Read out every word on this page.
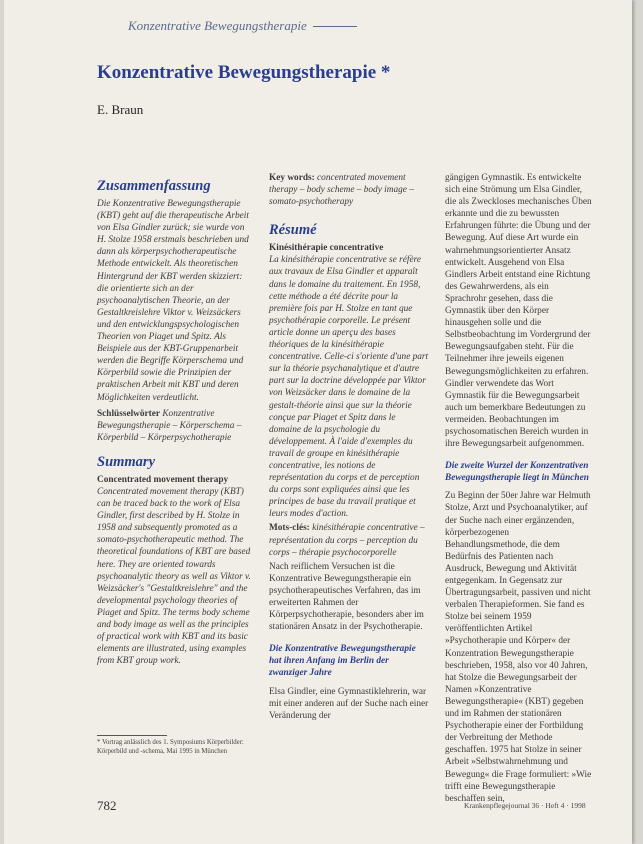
Konzentrative Bewegungstherapie
Konzentrative Bewegungstherapie *
E. Braun
Zusammenfassung

Die Konzentrative Bewegungstherapie (KBT) geht auf die therapeutische Arbeit von Elsa Gindler zurück; sie wurde von H. Stolze 1958 erstmals beschrieben und dann als körperpsychotherapeutische Methode entwickelt. Als theoretischen Hintergrund der KBT werden skizziert: die orientierte sich an der psychoanalytischen Theorie, an der Gestaltkreislehre Viktor v. Weizsäckers und den entwicklungspsychologischen Theorien von Piaget und Spitz. Als Beispiele aus der KBT-Gruppenarbeit werden die Begriffe Körperschema und Körperbild sowie die Prinzipien der praktischen Arbeit mit KBT und deren Möglichkeiten verdeutlicht.

Schlüsselwörter Konzentrative Bewegungstherapie – Körperschema – Körperbild – Körperpsychotherapie

Summary

Concentrated movement therapy

Concentrated movement therapy (KBT) can be traced back to the work of Elsa Gindler, first described by H. Stolze in 1958 and subsequently promoted as a somato-psychotherapeutic method. The theoretical foundations of KBT are based here. They are oriented towards psychoanalytic theory as well as Viktor v. Weizsäcker's "Gestaltkreislehre" and the developmental psychology theories of Piaget and Spitz. The terms body scheme and body image as well as the principles of practical work with KBT and its basic elements are illustrated, using examples from KBT group work.

* Vortrag anlässlich des 1. Symposiums Körperbilder: Körperbild und -schema, Mai 1995 in München

Key words: concentrated movement therapy – body scheme – body image – somato-psychotherapy

Résumé

Kinésithérapie concentrative

La kinésithérapie concentrative se réfère aux travaux de Elsa Gindler et apparaît dans le domaine du traitement. En 1958, cette méthode a été décrite pour la première fois par H. Stolze en tant que psychothérapie corporelle. Le présent article donne un aperçu des bases théoriques de la kinésithérapie concentrative. Celle-ci s'oriente d'une part sur la théorie psychanalytique et d'autre part sur la doctrine développée par Viktor von Weizsäcker dans le domaine de la gestalt-théorie ainsi que sur la théorie conçue par Piaget et Spitz dans le domaine de la psychologie du développement. À l'aide d'exemples du travail de groupe en kinésithérapie concentrative, les notions de représentation du corps et de perception du corps sont expliquées ainsi que les principes de base du travail pratique et leurs modes d'action.

Mots-clés: kinésithérapie concentrative – représentation du corps – perception du corps – thérapie psychocorporelle

Nach reiflichem Versuchen ist die Konzentrative Bewegungstherapie ein psychotherapeutisches Verfahren, das im erweiterten Rahmen der Körperpsychotherapie, besonders aber im stationären Ansatz in der Psychotherapie.

Die Konzentrative Bewegungstherapie hat ihren Anfang im Berlin der zwanziger Jahre

Elsa Gindler, eine Gymnastiklehrerin, war mit einer anderen auf der Suche nach einer Veränderung der

gängigen Gymnastik. Es entwickelte sich eine Strömung um Elsa Gindler, die als Zweckloses mechanisches Üben erkannte und die zu bewussten Erfahrungen führte: die Übung und der Bewegung. Auf diese Art wurde ein wahrnehmungsorientierter Ansatz entwickelt. Ausgehend von Elsa Gindlers Arbeit entstand eine Richtung des Gewahrwerdens, als ein Sprachrohr gesehen, dass die Gymnastik über den Körper hinausgehen solle und die Selbstbeobachtung im Vordergrund der Bewegungsaufgaben steht. Für die Teilnehmer ihre jeweils eigenen Bewegungsmöglichkeiten zu erfahren. Gindler verwendete das Wort Gymnastik für die Bewegungsarbeit auch um bemerkbare Bedeutungen zu vermeiden. Beobachtungen im psychosomatischen Bereich wurden in ihre Bewegungsarbeit aufgenommen.

Die zweite Wurzel der Konzentrativen Bewegungstherapie liegt in München

Zu Beginn der 50er Jahre war Helmuth Stolze, Arzt und Psychoanalytiker, auf der Suche nach einer ergänzenden, körperbezogenen Behandlungsmethode, die dem Bedürfnis des Patienten nach Ausdruck, Bewegung und Aktivität entgegenkam. In Gegensatz zur Übertragungsarbeit, passiven und nicht verbalen Therapieformen. Sie fand es Stolze bei seinem 1959 veröffentlichten Artikel »Psychotherapie und Körper« der Konzentration Bewegungstherapie beschrieben, 1958, also vor 40 Jahren, hat Stolze die Bewegungsarbeit der Namen »Konzentrative Bewegungstherapie« (KBT) gegeben und im Rahmen der stationären Psychotherapie einer der Fortbildung der Verbreitung der Methode geschaffen. 1975 hat Stolze in seiner Arbeit »Selbstwahrnehmung und Bewegung« die Frage formuliert: »Wie trifft eine Bewegungstherapie beschaffen sein,

782	Krankenpflegejournal 36 · Heft 4 · 1998
